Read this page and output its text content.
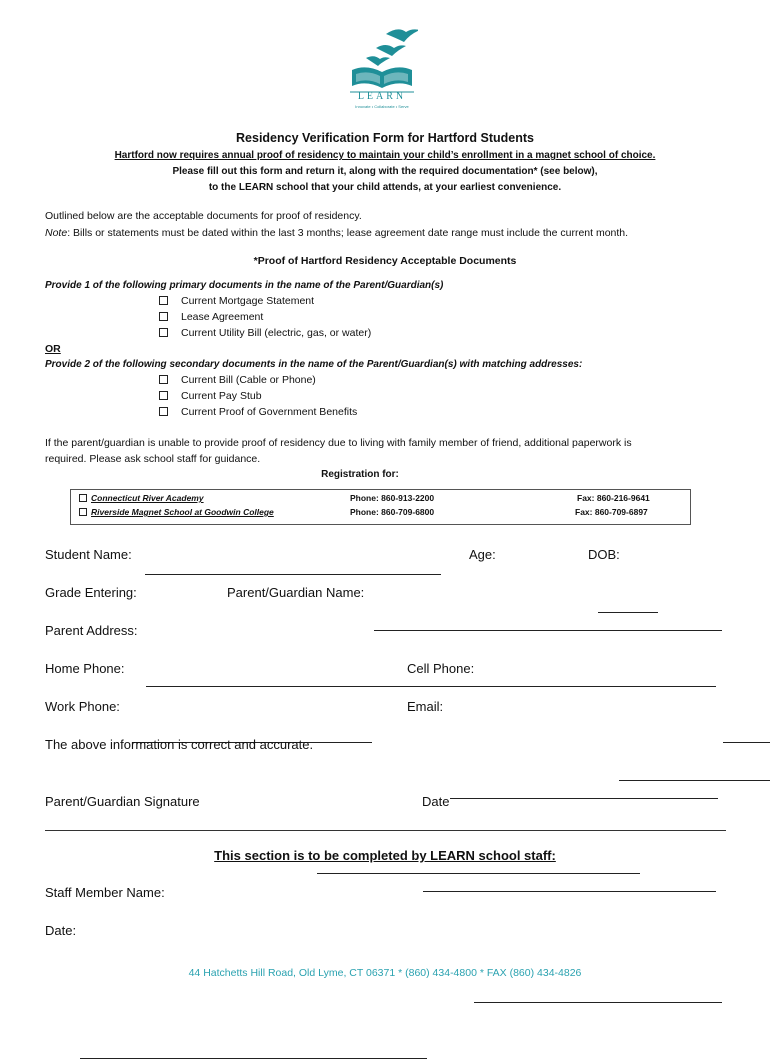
LEARN
Innovate • Collaborate • Serve
Residency Verification Form for Hartford Students
Hartford now requires annual proof of residency to maintain your child’s enrollment in a magnet school of choice.
Please fill out this form and return it, along with the required documentation* (see below),
to the LEARN school that your child attends, at your earliest convenience.
Outlined below are the acceptable documents for proof of residency.
Note: Bills or statements must be dated within the last 3 months; lease agreement date range must include the current month.
*Proof of Hartford Residency Acceptable Documents
Provide 1 of the following primary documents in the name of the Parent/Guardian(s)
Current Mortgage Statement
Lease Agreement
Current Utility Bill (electric, gas, or water)
OR
Provide 2 of the following secondary documents in the name of the Parent/Guardian(s) with matching addresses:
Current Bill (Cable or Phone)
Current Pay Stub
Current Proof of Government Benefits
If the parent/guardian is unable to provide proof of residency due to living with family member of friend, additional paperwork is
required. Please ask school staff for guidance.
Registration for:
Connecticut River Academy	Phone: 860-913-2200	Fax: 860-216-9641
Riverside Magnet School at Goodwin College	Phone: 860-709-6800	Fax: 860-709-6897
Student Name:
	Age:
	DOB:

Grade Entering:
	Parent/Guardian Name:

Parent Address:

Home Phone:
	Cell Phone:

Work Phone:
	Email:

The above information is correct and accurate.

Parent/Guardian Signature	Date
This section is to be completed by LEARN school staff:
Staff Member Name:

Date:
44 Hatchetts Hill Road, Old Lyme, CT 06371 * (860) 434-4800 * FAX (860) 434-4826
